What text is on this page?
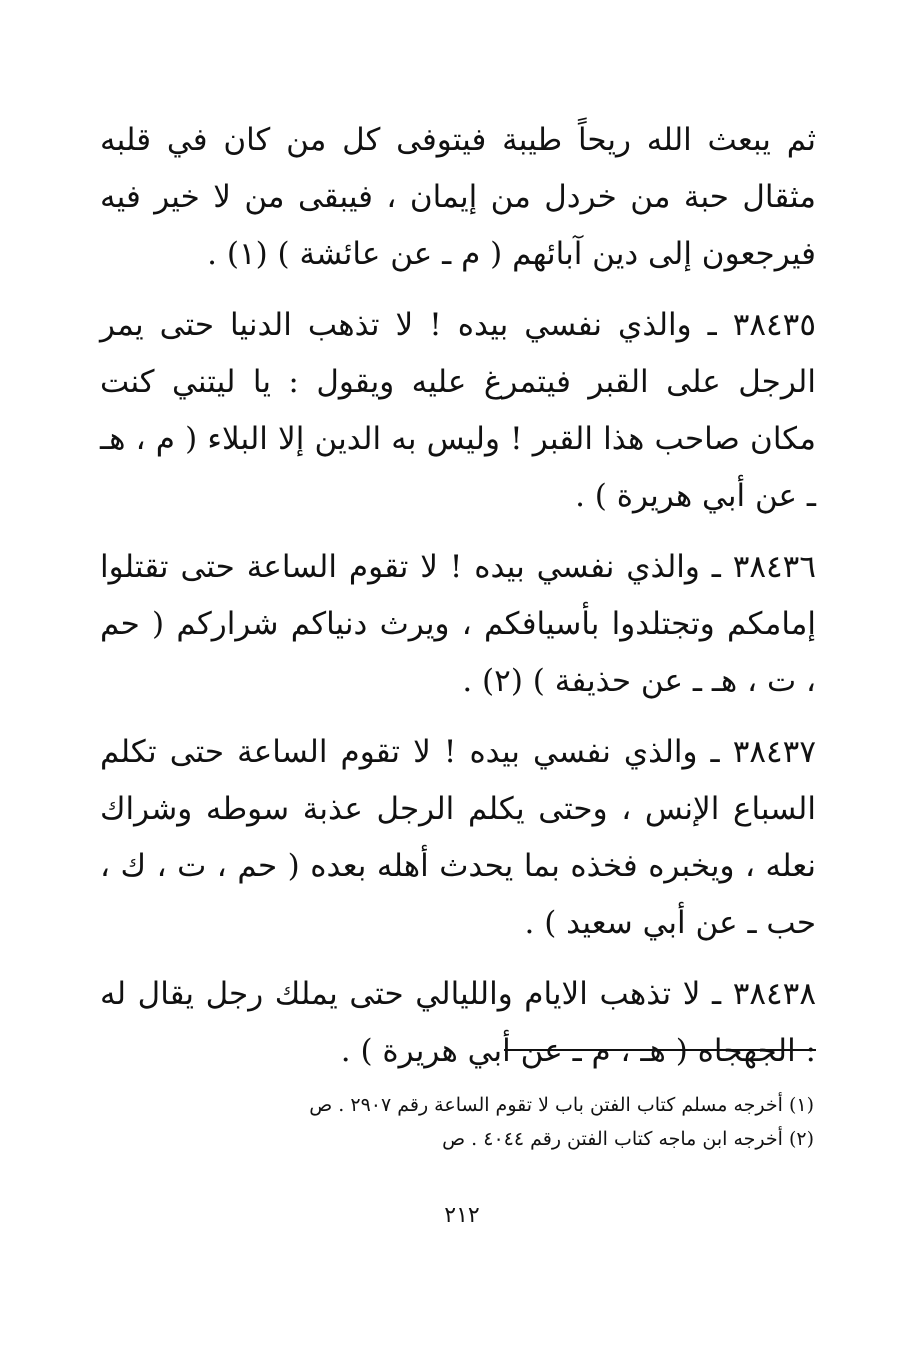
ثم يبعث الله ريحاً طيبة فيتوفى كل من كان في قلبه مثقال حبة من خردل من إيمان ، فيبقى من لا خير فيه فيرجعون إلى دين آبائهم ( م ـ عن عائشة ) (١) .

٣٨٤٣٥ ـ والذي نفسي بيده ! لا تذهب الدنيا حتى يمر الرجل على القبر فيتمرغ عليه ويقول : يا ليتني كنت مكان صاحب هذا القبر ! وليس به الدين إلا البلاء ( م ، هـ ـ عن أبي هريرة ) .

٣٨٤٣٦ ـ والذي نفسي بيده ! لا تقوم الساعة حتى تقتلوا إمامكم وتجتلدوا بأسيافكم ، ويرث دنياكم شراركم ( حم ، ت ، هـ ـ عن حذيفة ) (٢) .

٣٨٤٣٧ ـ والذي نفسي بيده ! لا تقوم الساعة حتى تكلم السباع الإنس ، وحتى يكلم الرجل عذبة سوطه وشراك نعله ، ويخبره فخذه بما يحدث أهله بعده ( حم ، ت ، ك ، حب ـ عن أبي سعيد ) .

٣٨٤٣٨ ـ لا تذهب الايام والليالي حتى يملك رجل يقال له : الجهجاه ( هـ ، م ـ عن أبي هريرة ) .

(١) أخرجه مسلم كتاب الفتن باب لا تقوم الساعة رقم ٢٩٠٧ . ص

(٢) أخرجه ابن ماجه كتاب الفتن رقم ٤٠٤٤ . ص

٢١٢
